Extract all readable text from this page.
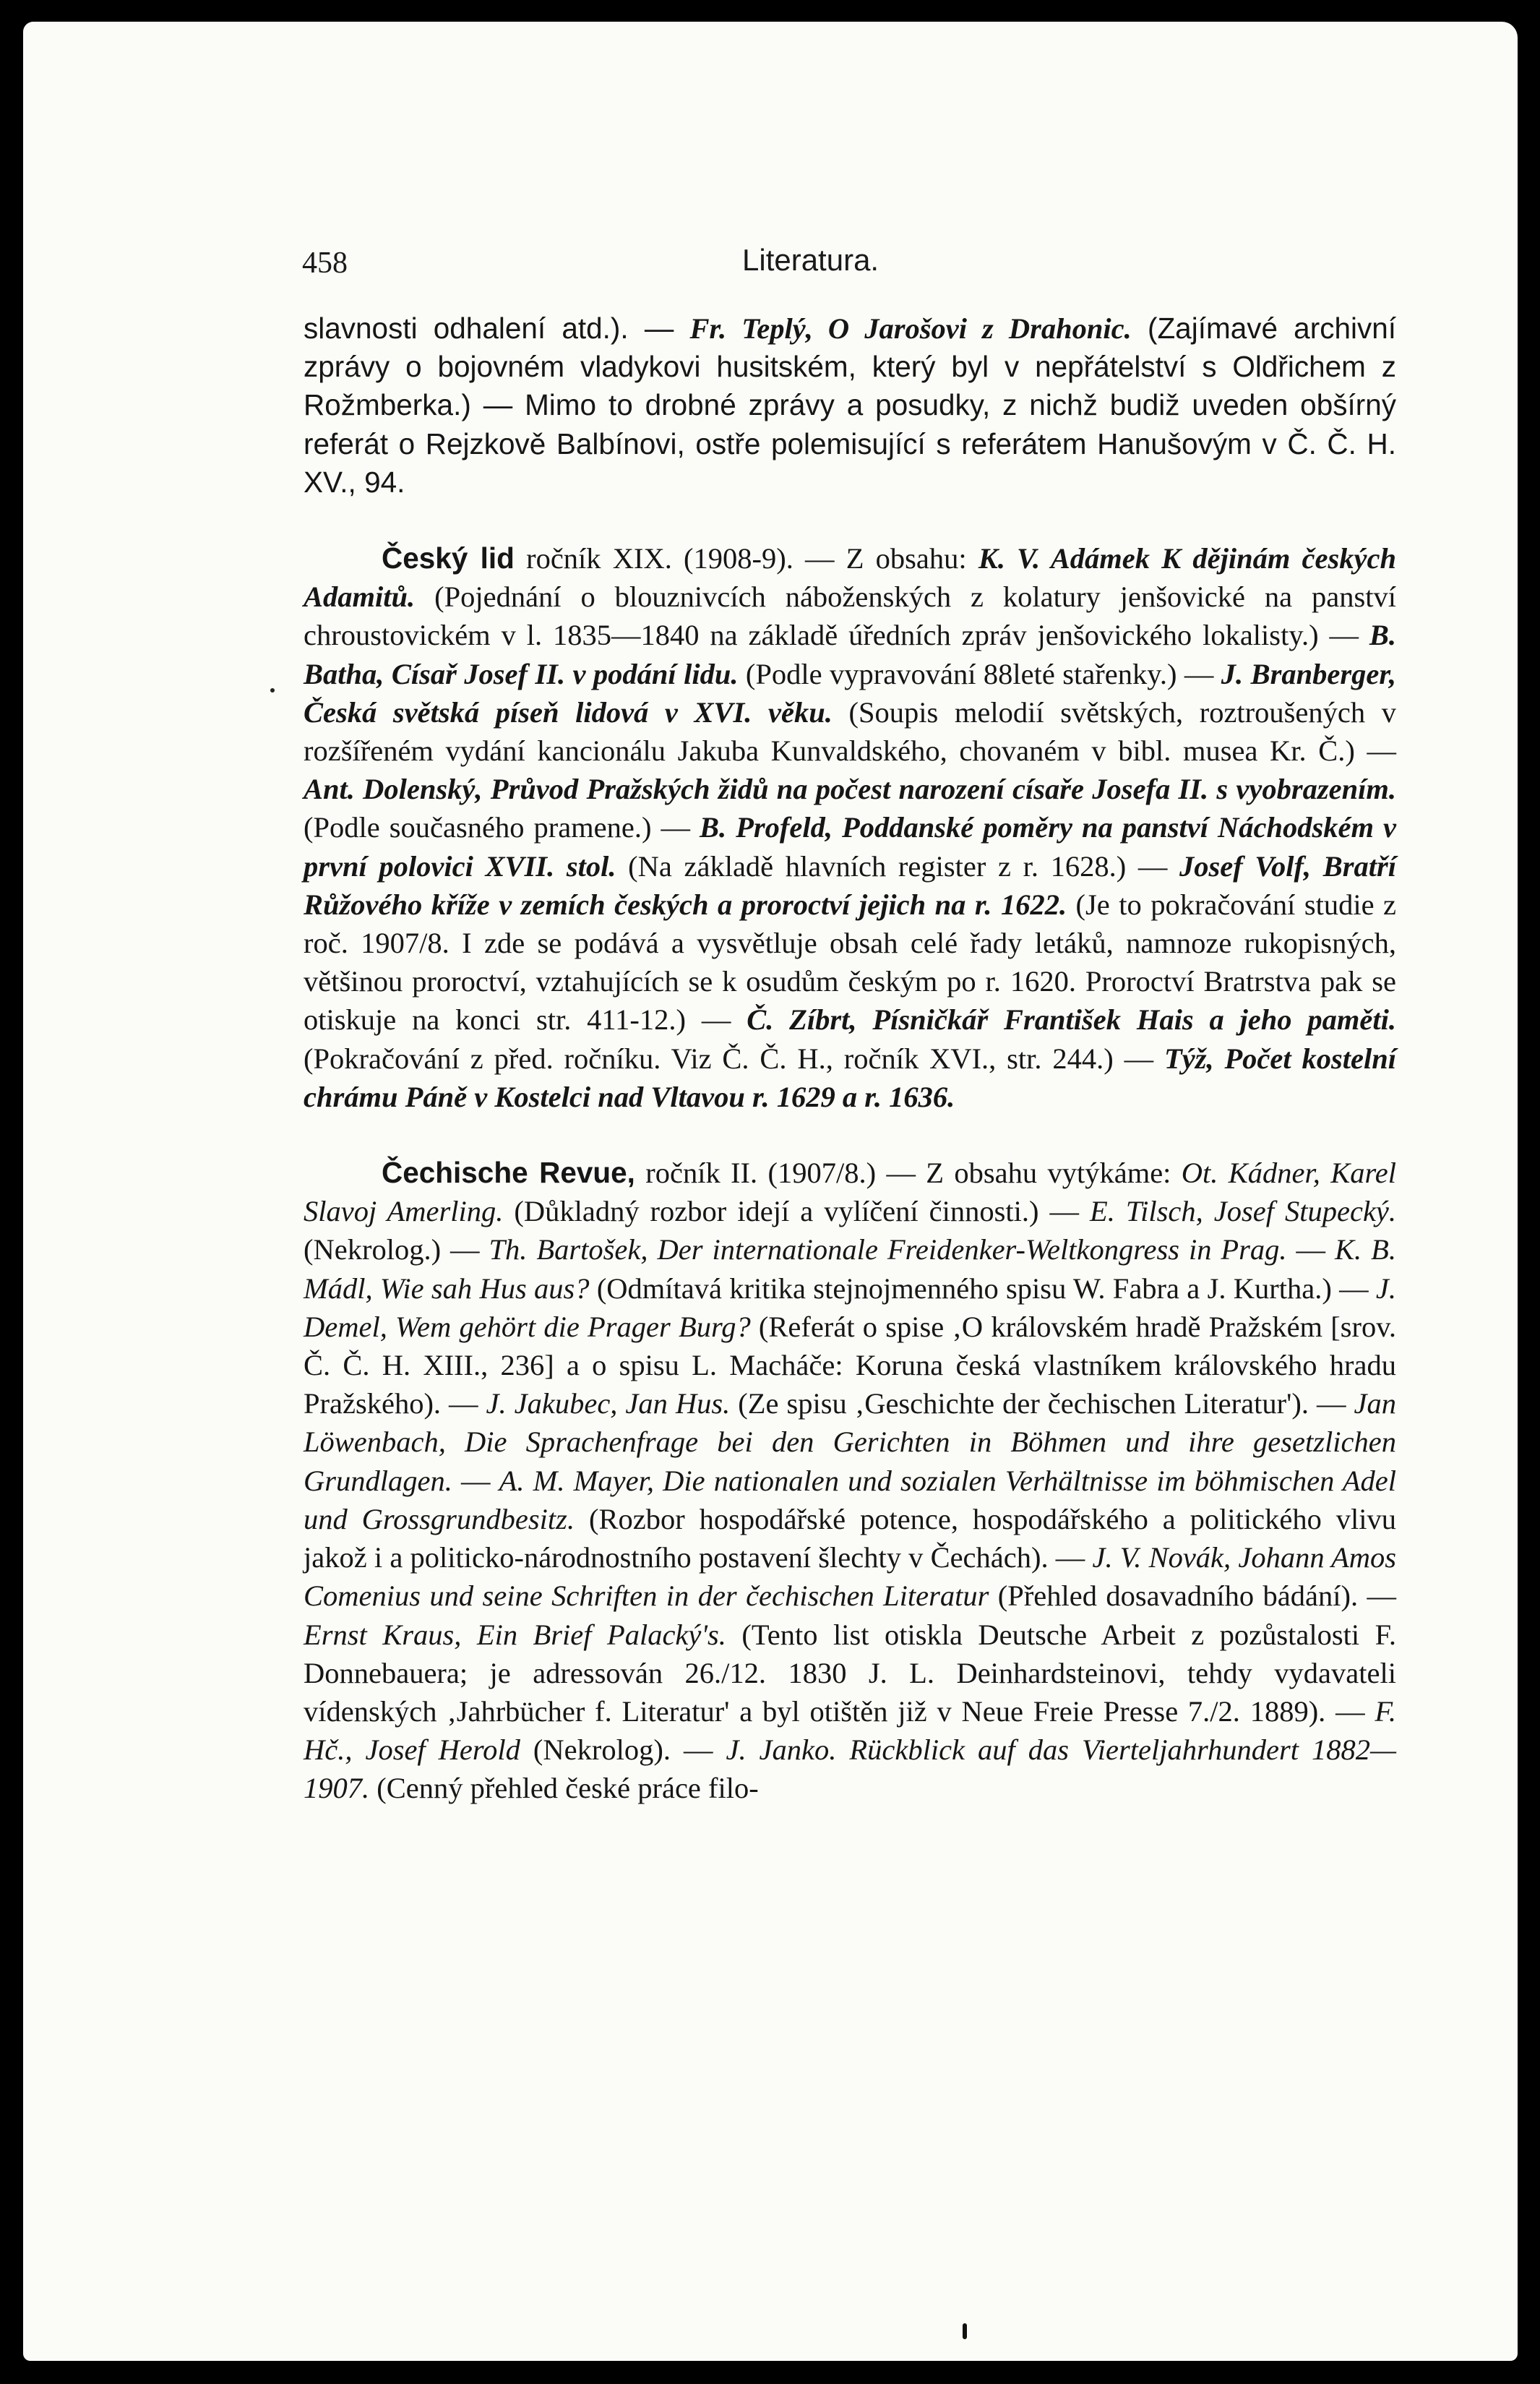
458	Literatura.

slavnosti odhalení atd.). — Fr. Teplý, O Jarošovi z Drahonic. (Zajímavé archivní zprávy o bojovném vladykovi husitském, který byl v nepřátelství s Oldřichem z Rožmberka.) — Mimo to drobné zprávy a posudky, z nichž budiž uveden obšírný referát o Rejzkově Balbínovi, ostře polemisující s referátem Hanušovým v Č. Č. H. XV., 94.

Český lid ročník XIX. (1908-9). — Z obsahu: K. V. Adámek K dějinám českých Adamitů. (Pojednání o blouznivcích náboženských z kolatury jenšovické na panství chroustovickém v l. 1835—1840 na základě úředních zpráv jenšovického lokalisty.) — B. Batha, Císař Josef II. v podání lidu. (Podle vypravování 88leté stařenky.) — J. Branberger, Česká světská píseň lidová v XVI. věku. (Soupis melodií světských, roztroušených v rozšířeném vydání kancionálu Jakuba Kunvaldského, chovaném v bibl. musea Kr. Č.) — Ant. Dolenský, Průvod Pražských židů na počest narození císaře Josefa II. s vyobrazením. (Podle současného pramene.) — B. Profeld, Poddanské poměry na panství Náchodském v první polovici XVII. stol. (Na základě hlavních register z r. 1628.) — Josef Volf, Bratří Růžového kříže v zemích českých a proroctví jejich na r. 1622. (Je to pokračování studie z roč. 1907/8. I zde se podává a vysvětluje obsah celé řady letáků, namnoze rukopisných, většinou proroctví, vztahujících se k osudům českým po r. 1620. Proroctví Bratrstva pak se otiskuje na konci str. 411-12.) — Č. Zíbrt, Písničkář František Hais a jeho paměti. (Pokračování z před. ročníku. Viz Č. Č. H., ročník XVI., str. 244.) — Týž, Počet kostelní chrámu Páně v Kostelci nad Vltavou r. 1629 a r. 1636.

Čechische Revue, ročník II. (1907/8.) — Z obsahu vytýkáme: Ot. Kádner, Karel Slavoj Amerling. (Důkladný rozbor idejí a vylíčení činnosti.) — E. Tilsch, Josef Stupecký. (Nekrolog.) — Th. Bartošek, Der internationale Freidenker-Weltkongress in Prag. — K. B. Mádl, Wie sah Hus aus? (Odmítavá kritika stejnojmenného spisu W. Fabra a J. Kurtha.) — J. Demel, Wem gehört die Prager Burg? (Referát o spise ‚O královském hradě Pražském [srov. Č. Č. H. XIII., 236] a o spisu L. Macháče: Koruna česká vlastníkem královského hradu Pražského). — J. Jakubec, Jan Hus. (Ze spisu ‚Geschichte der čechischen Literatur'). — Jan Löwenbach, Die Sprachenfrage bei den Gerichten in Böhmen und ihre gesetzlichen Grundlagen. — A. M. Mayer, Die nationalen und sozialen Verhältnisse im böhmischen Adel und Grossgrundbesitz. (Rozbor hospodářské potence, hospodářského a politického vlivu jakož i a politicko-národnostního postavení šlechty v Čechách). — J. V. Novák, Johann Amos Comenius und seine Schriften in der čechischen Literatur (Přehled dosavadního bádání). — Ernst Kraus, Ein Brief Palacký's. (Tento list otiskla Deutsche Arbeit z pozůstalosti F. Donnebauera; je adressován 26./12. 1830 J. L. Deinhardsteinovi, tehdy vydavateli vídenských ‚Jahrbücher f. Literatur' a byl otištěn již v Neue Freie Presse 7./2. 1889). — F. Hč., Josef Herold (Nekrolog). — J. Janko. Rückblick auf das Vierteljahrhundert 1882—1907. (Cenný přehled české práce filo-
